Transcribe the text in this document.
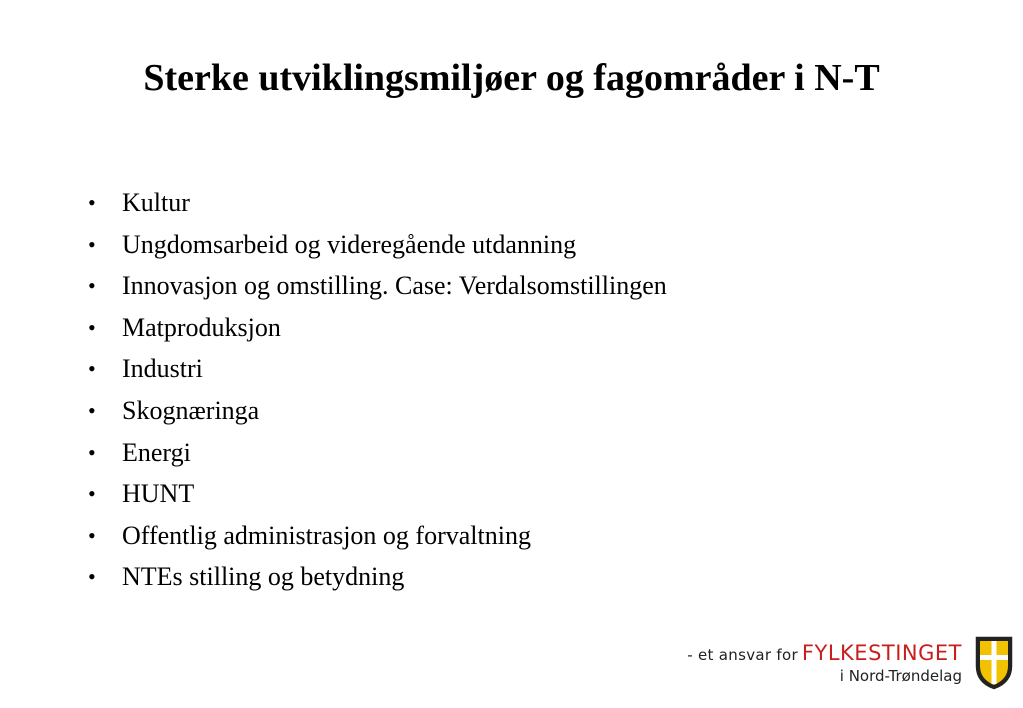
Sterke utviklingsmiljøer og fagområder i N-T
•	Kultur
•	Ungdomsarbeid og videregående utdanning
•	Innovasjon og omstilling. Case: Verdalsomstillingen
•	Matproduksjon
•	Industri
•	Skognæringa
•	Energi
•	HUNT
•	Offentlig administrasjon og forvaltning
•	NTEs stilling og betydning
- et ansvar for FYLKESTINGET
i Nord-Trøndelag
